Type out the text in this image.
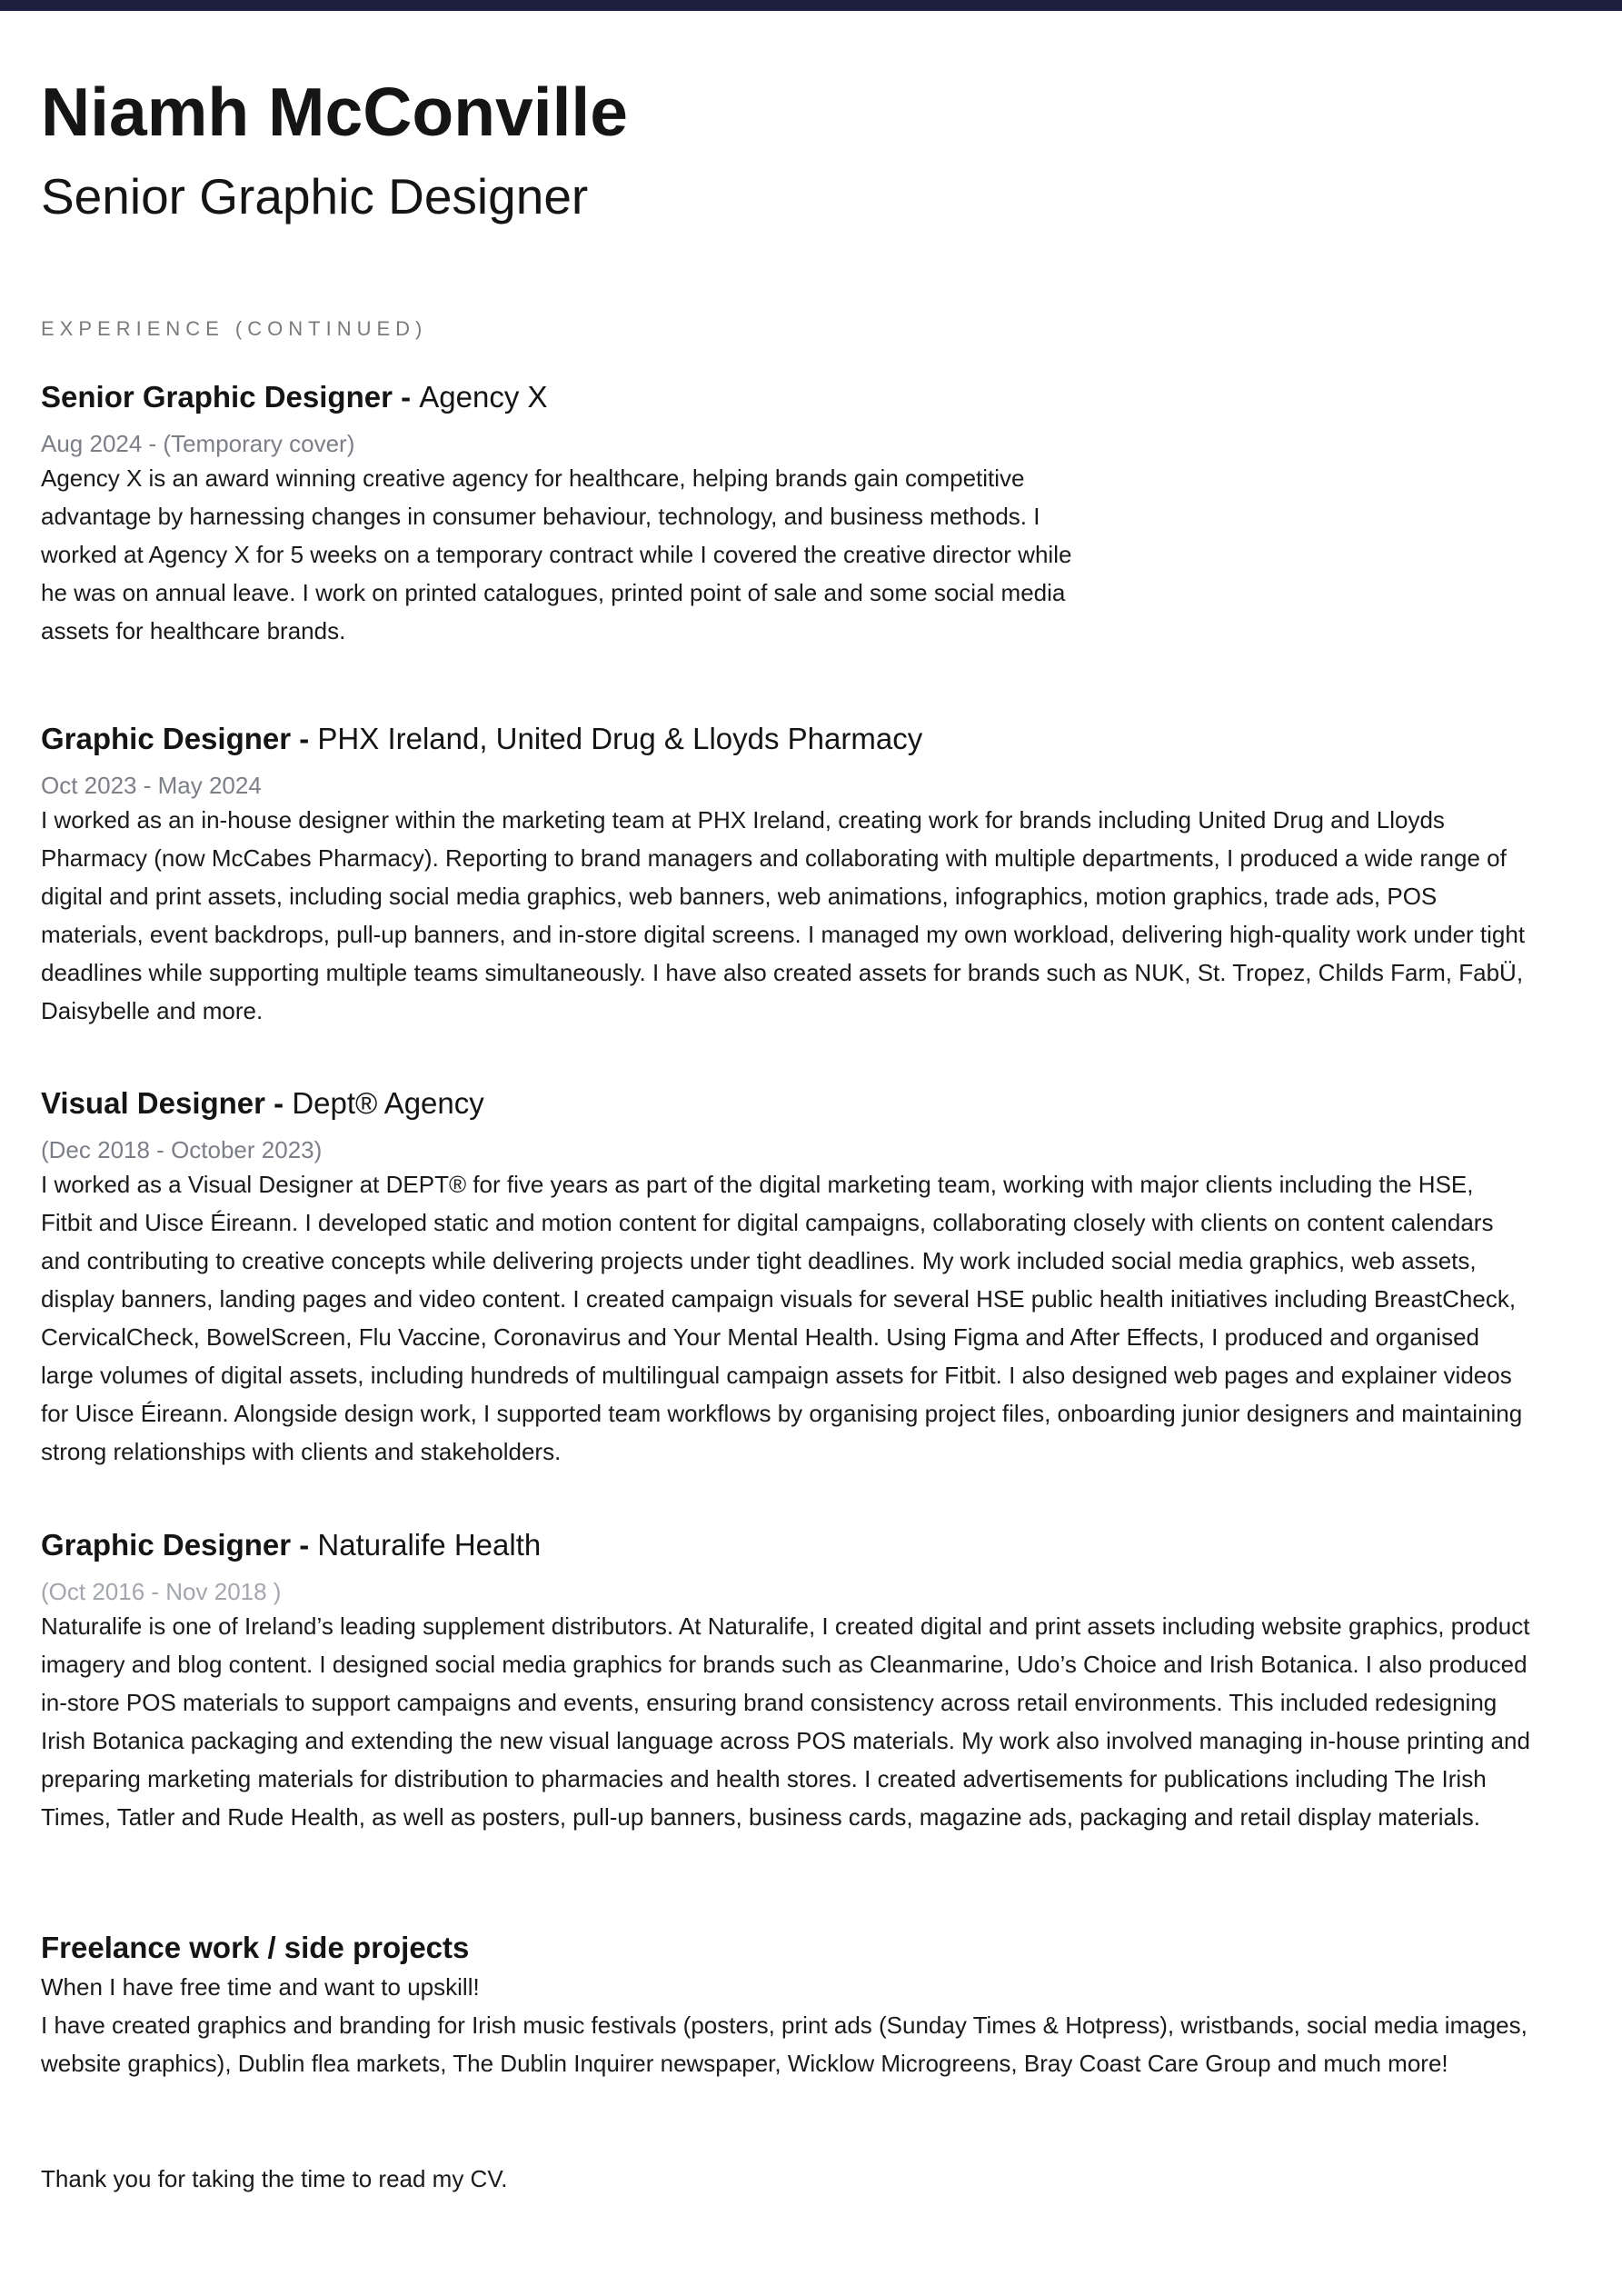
Niamh McConville
Senior Graphic Designer
EXPERIENCE (CONTINUED)
Senior Graphic Designer - Agency X
Aug 2024 - (Temporary cover)

Agency X is an award winning creative agency for healthcare, helping brands gain competitive advantage by harnessing changes in consumer behaviour, technology, and business methods. I worked at Agency X for 5 weeks on a temporary contract while I covered the creative director while he was on annual leave. I work on printed catalogues, printed point of sale and some social media assets for healthcare brands.

Graphic Designer - PHX Ireland, United Drug & Lloyds Pharmacy
Oct 2023 - May 2024

I worked as an in-house designer within the marketing team at PHX Ireland, creating work for brands including United Drug and Lloyds Pharmacy (now McCabes Pharmacy). Reporting to brand managers and collaborating with multiple departments, I produced a wide range of digital and print assets, including social media graphics, web banners, web animations, infographics, motion graphics, trade ads, POS materials, event backdrops, pull-up banners, and in-store digital screens. I managed my own workload, delivering high-quality work under tight deadlines while supporting multiple teams simultaneously. I have also created assets for brands such as NUK, St. Tropez, Childs Farm, FabÜ, Daisybelle and more.

Visual Designer - Dept® Agency
(Dec 2018 - October 2023)

I worked as a Visual Designer at DEPT® for five years as part of the digital marketing team, working with major clients including the HSE, Fitbit and Uisce Éireann. I developed static and motion content for digital campaigns, collaborating closely with clients on content calendars and contributing to creative concepts while delivering projects under tight deadlines. My work included social media graphics, web assets, display banners, landing pages and video content. I created campaign visuals for several HSE public health initiatives including BreastCheck, CervicalCheck, BowelScreen, Flu Vaccine, Coronavirus and Your Mental Health. Using Figma and After Effects, I produced and organised large volumes of digital assets, including hundreds of multilingual campaign assets for Fitbit. I also designed web pages and explainer videos for Uisce Éireann. Alongside design work, I supported team workflows by organising project files, onboarding junior designers and maintaining strong relationships with clients and stakeholders.

Graphic Designer - Naturalife Health
(Oct 2016 - Nov 2018 )

Naturalife is one of Ireland’s leading supplement distributors. At Naturalife, I created digital and print assets including website graphics, product imagery and blog content. I designed social media graphics for brands such as Cleanmarine, Udo’s Choice and Irish Botanica. I also produced in-store POS materials to support campaigns and events, ensuring brand consistency across retail environments. This included redesigning Irish Botanica packaging and extending the new visual language across POS materials. My work also involved managing in-house printing and preparing marketing materials for distribution to pharmacies and health stores. I created advertisements for publications including The Irish Times, Tatler and Rude Health, as well as posters, pull-up banners, business cards, magazine ads, packaging and retail display materials.

Freelance work / side projects

When I have free time and want to upskill!

I have created graphics and branding for Irish music festivals (posters, print ads (Sunday Times & Hotpress), wristbands, social media images, website graphics), Dublin flea markets, The Dublin Inquirer newspaper, Wicklow Microgreens, Bray Coast Care Group and much more!

Thank you for taking the time to read my CV.
